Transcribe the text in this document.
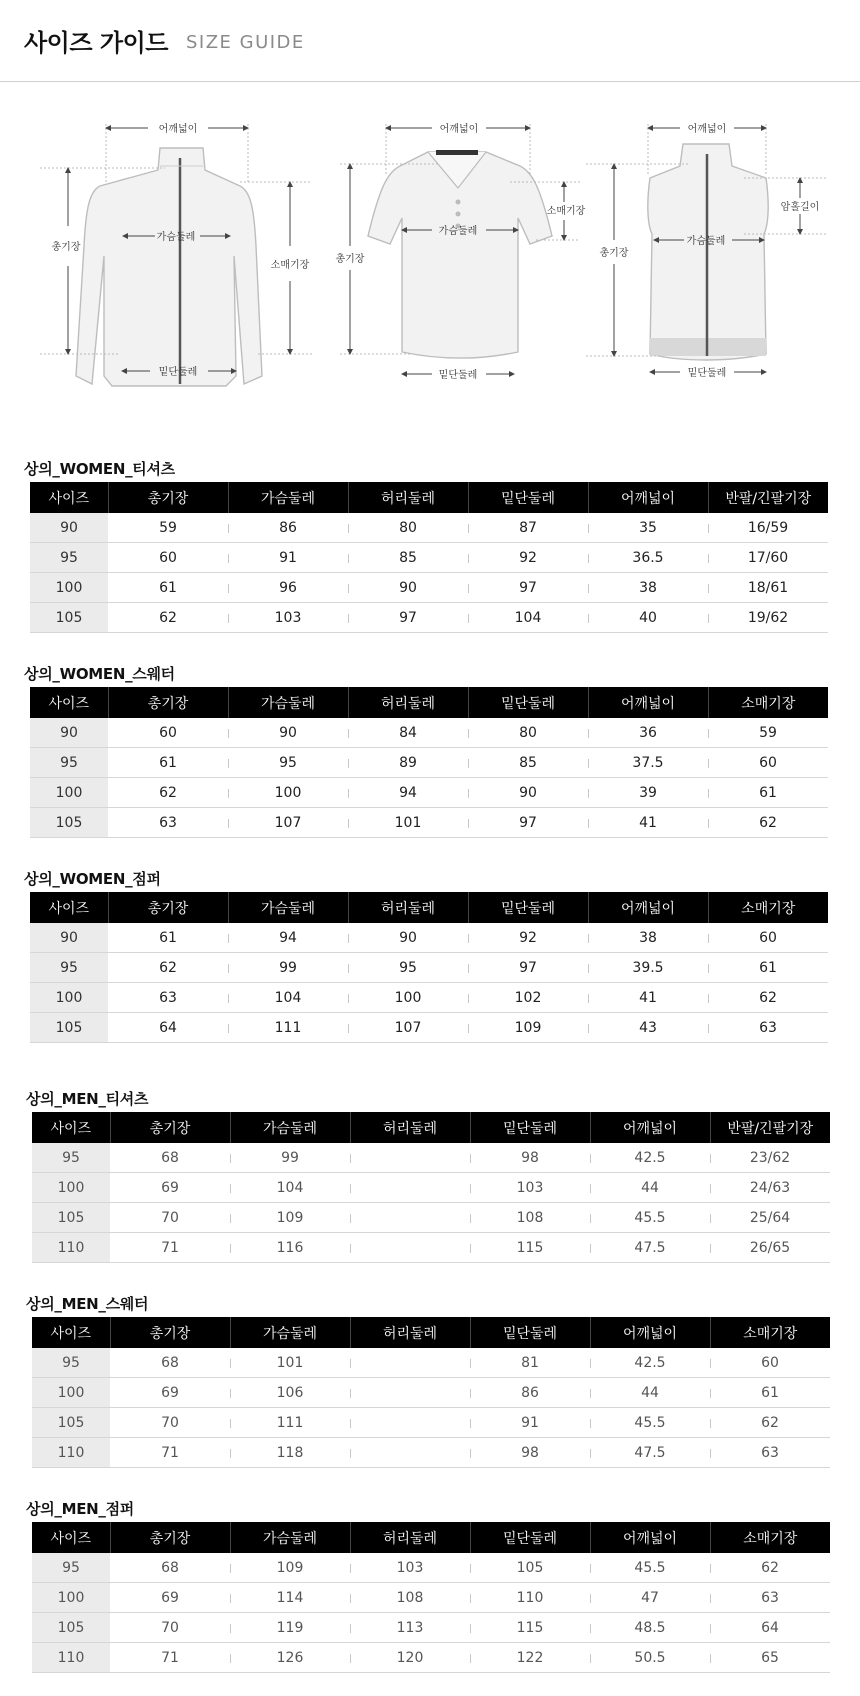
사이즈 가이드 SIZE GUIDE
어깨넓이
총기장
가슴둘레
소매기장
밑단둘레
어깨넓이
총기장
가슴둘레
소매기장
밑단둘레
어깨넓이
총기장
가슴둘레
암홀길이
밑단둘레
상의_WOMEN_티셔츠
사이즈	총기장	가슴둘레	허리둘레	밑단둘레	어깨넓이	반팔/긴팔기장
90	59	86	80	87	35	16/59
95	60	91	85	92	36.5	17/60
100	61	96	90	97	38	18/61
105	62	103	97	104	40	19/62
상의_WOMEN_스웨터
사이즈	총기장	가슴둘레	허리둘레	밑단둘레	어깨넓이	소매기장
90	60	90	84	80	36	59
95	61	95	89	85	37.5	60
100	62	100	94	90	39	61
105	63	107	101	97	41	62
상의_WOMEN_점퍼
사이즈	총기장	가슴둘레	허리둘레	밑단둘레	어깨넓이	소매기장
90	61	94	90	92	38	60
95	62	99	95	97	39.5	61
100	63	104	100	102	41	62
105	64	111	107	109	43	63
상의_MEN_티셔츠
사이즈	총기장	가슴둘레	허리둘레	밑단둘레	어깨넓이	반팔/긴팔기장
95	68	99		98	42.5	23/62
100	69	104		103	44	24/63
105	70	109		108	45.5	25/64
110	71	116		115	47.5	26/65
상의_MEN_스웨터
사이즈	총기장	가슴둘레	허리둘레	밑단둘레	어깨넓이	소매기장
95	68	101		81	42.5	60
100	69	106		86	44	61
105	70	111		91	45.5	62
110	71	118		98	47.5	63
상의_MEN_점퍼
사이즈	총기장	가슴둘레	허리둘레	밑단둘레	어깨넓이	소매기장
95	68	109	103	105	45.5	62
100	69	114	108	110	47	63
105	70	119	113	115	48.5	64
110	71	126	120	122	50.5	65
